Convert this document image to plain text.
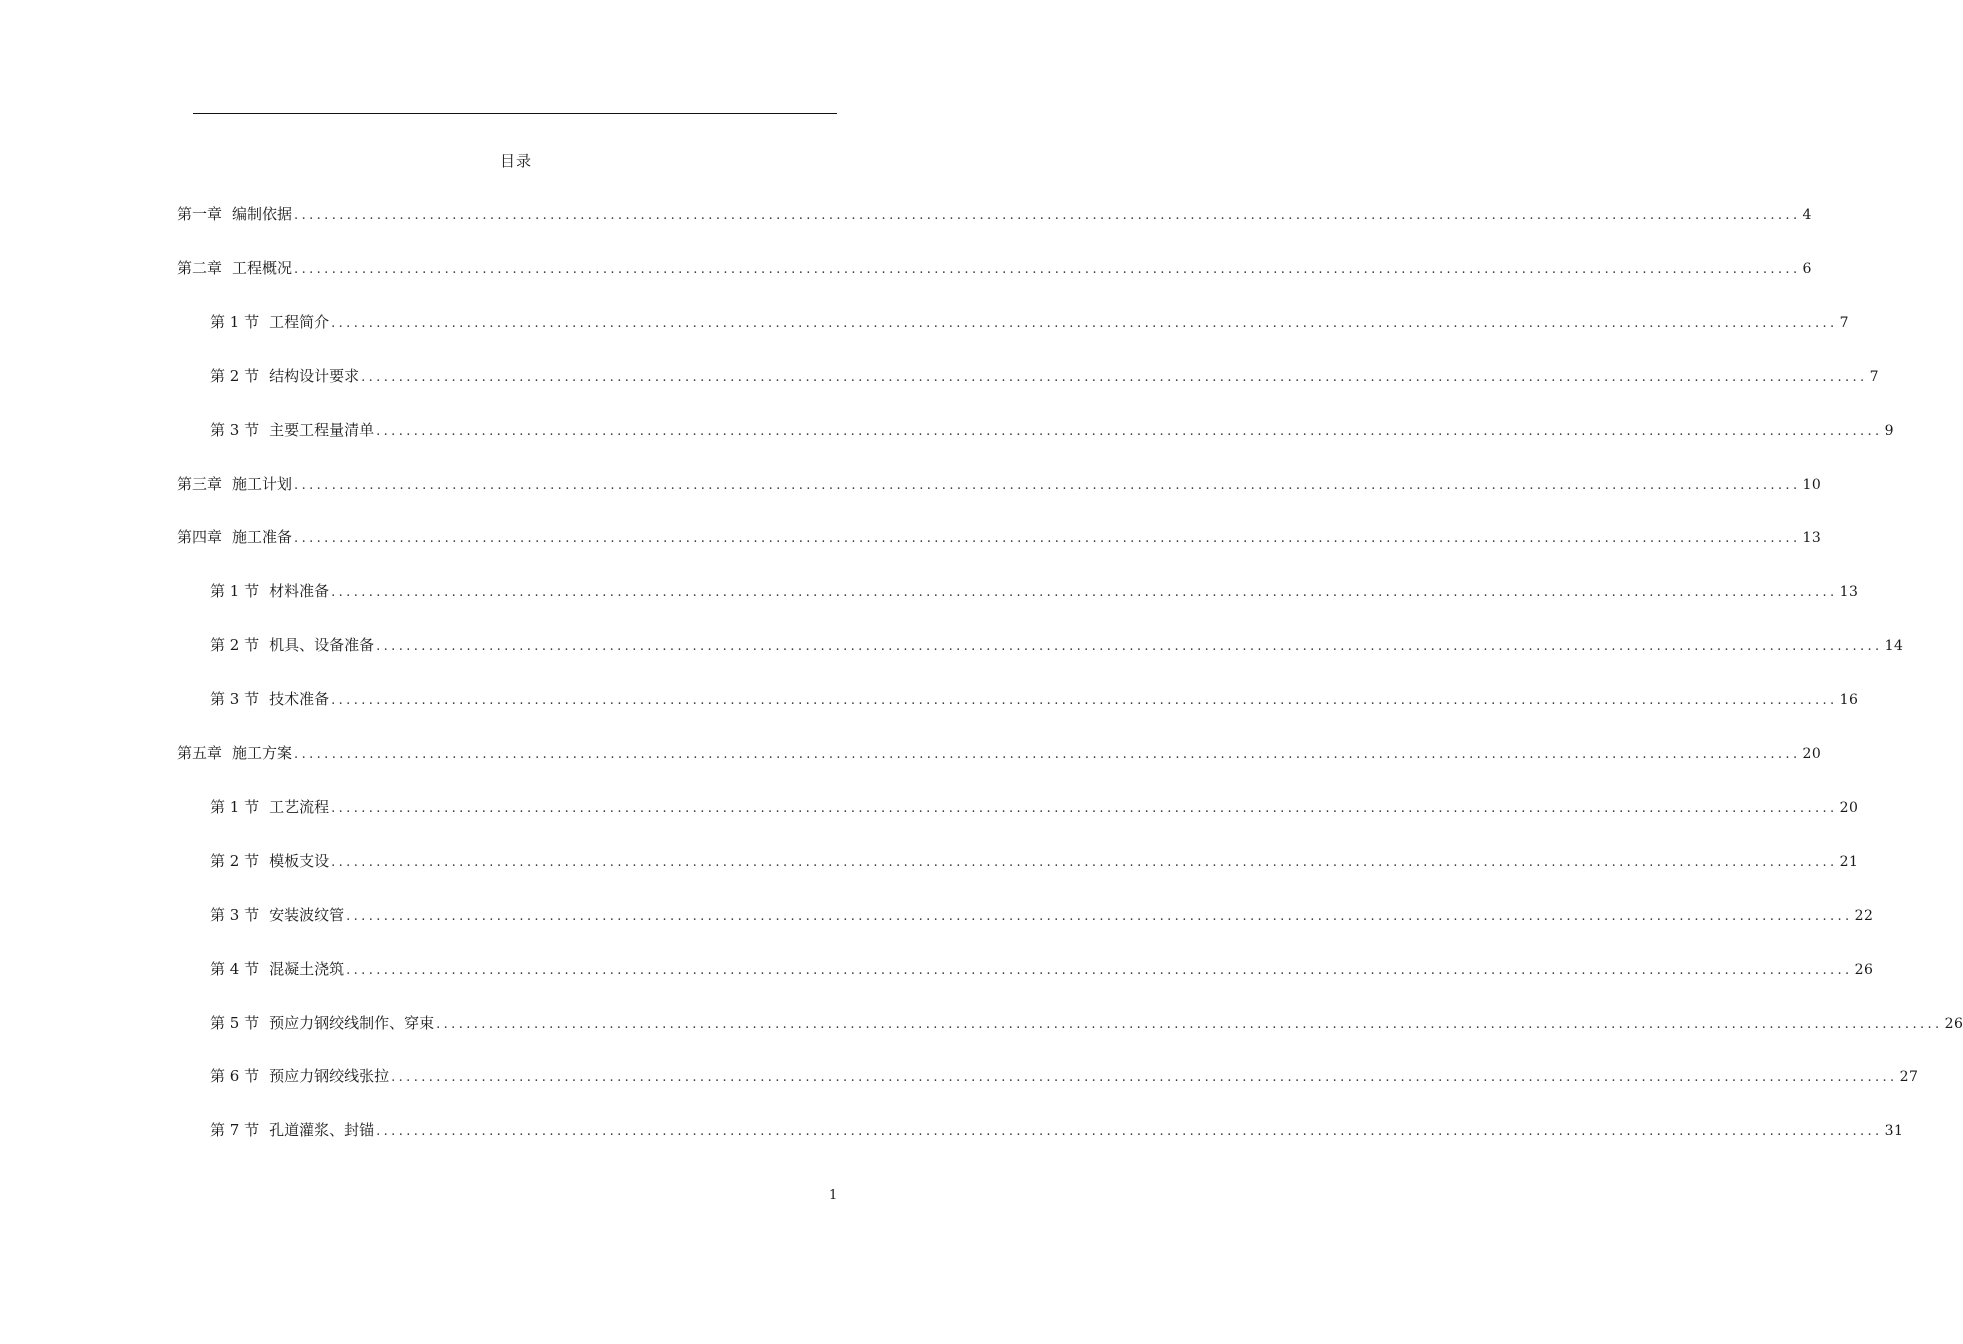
目录
第一章 编制依据 ........................................................................................................................................................................................................ 4
第二章 工程概况 ........................................................................................................................................................................................................ 6
第 1 节 工程简介 ........................................................................................................................................................................................................ 7
第 2 节 结构设计要求 ........................................................................................................................................................................................................ 7
第 3 节 主要工程量清单 ........................................................................................................................................................................................................ 9
第三章 施工计划 ........................................................................................................................................................................................................ 10
第四章 施工准备 ........................................................................................................................................................................................................ 13
第 1 节 材料准备 ........................................................................................................................................................................................................ 13
第 2 节 机具、设备准备 ........................................................................................................................................................................................................ 14
第 3 节 技术准备 ........................................................................................................................................................................................................ 16
第五章 施工方案 ........................................................................................................................................................................................................ 20
第 1 节 工艺流程 ........................................................................................................................................................................................................ 20
第 2 节 模板支设 ........................................................................................................................................................................................................ 21
第 3 节 安装波纹管 ........................................................................................................................................................................................................ 22
第 4 节 混凝土浇筑 ........................................................................................................................................................................................................ 26
第 5 节 预应力钢绞线制作、穿束 ........................................................................................................................................................................................................ 26
第 6 节 预应力钢绞线张拉 ........................................................................................................................................................................................................ 27
第 7 节 孔道灌浆、封锚 ........................................................................................................................................................................................................ 31
1
